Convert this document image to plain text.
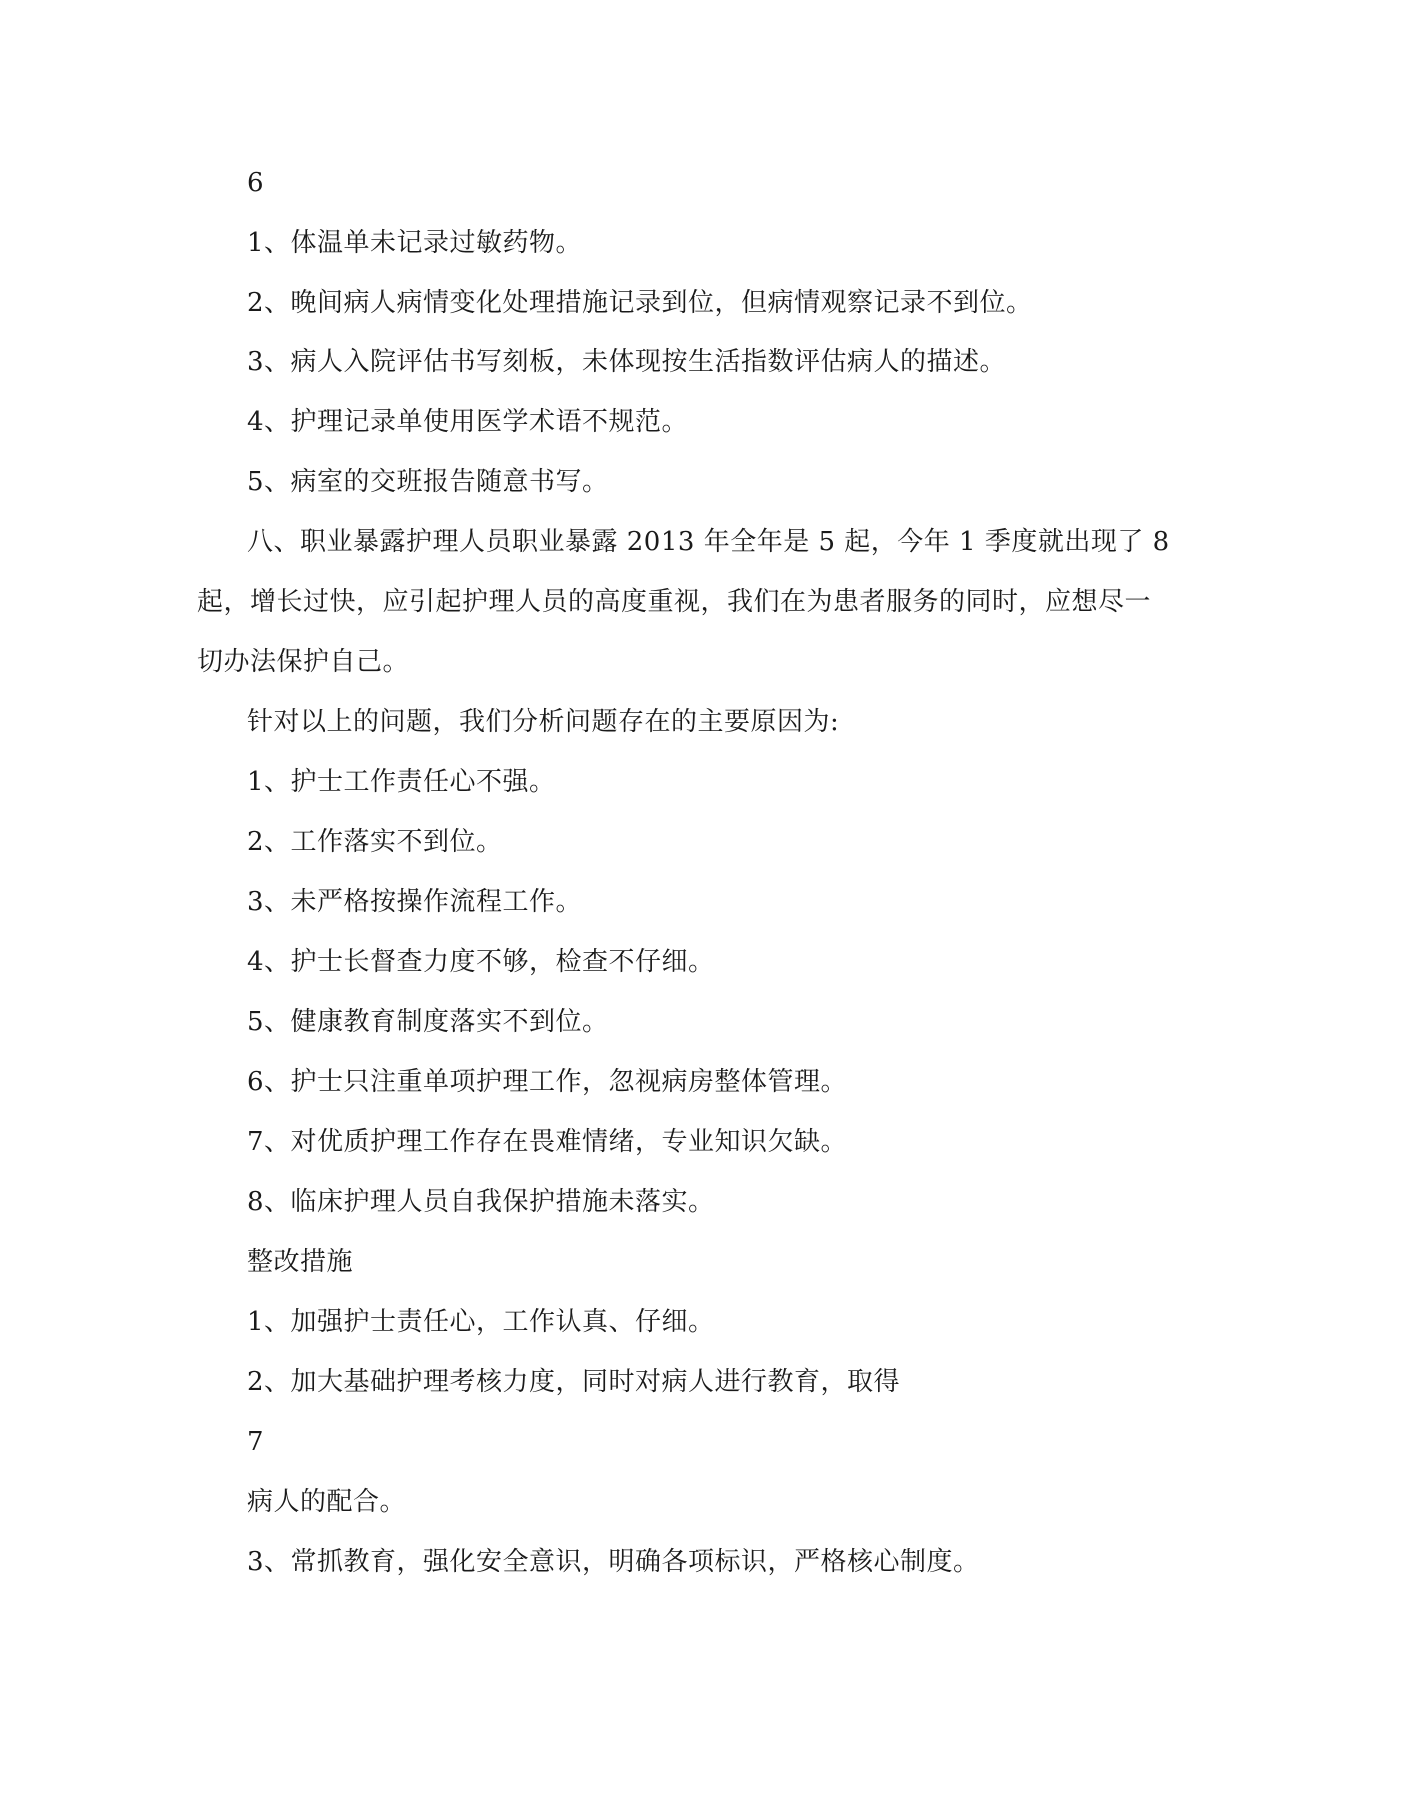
6
1、体温单未记录过敏药物。
2、晚间病人病情变化处理措施记录到位，但病情观察记录不到位。
3、病人入院评估书写刻板，未体现按生活指数评估病人的描述。
4、护理记录单使用医学术语不规范。
5、病室的交班报告随意书写。
八、职业暴露护理人员职业暴露 2013 年全年是 5 起，今年 1 季度就出现了 8
起，增长过快，应引起护理人员的高度重视，我们在为患者服务的同时，应想尽一
切办法保护自己。
针对以上的问题，我们分析问题存在的主要原因为:
1、护士工作责任心不强。
2、工作落实不到位。
3、未严格按操作流程工作。
4、护士长督查力度不够，检查不仔细。
5、健康教育制度落实不到位。
6、护士只注重单项护理工作，忽视病房整体管理。
7、对优质护理工作存在畏难情绪，专业知识欠缺。
8、临床护理人员自我保护措施未落实。
整改措施
1、加强护士责任心，工作认真、仔细。
2、加大基础护理考核力度，同时对病人进行教育，取得
7
病人的配合。
3、常抓教育，强化安全意识，明确各项标识，严格核心制度。
